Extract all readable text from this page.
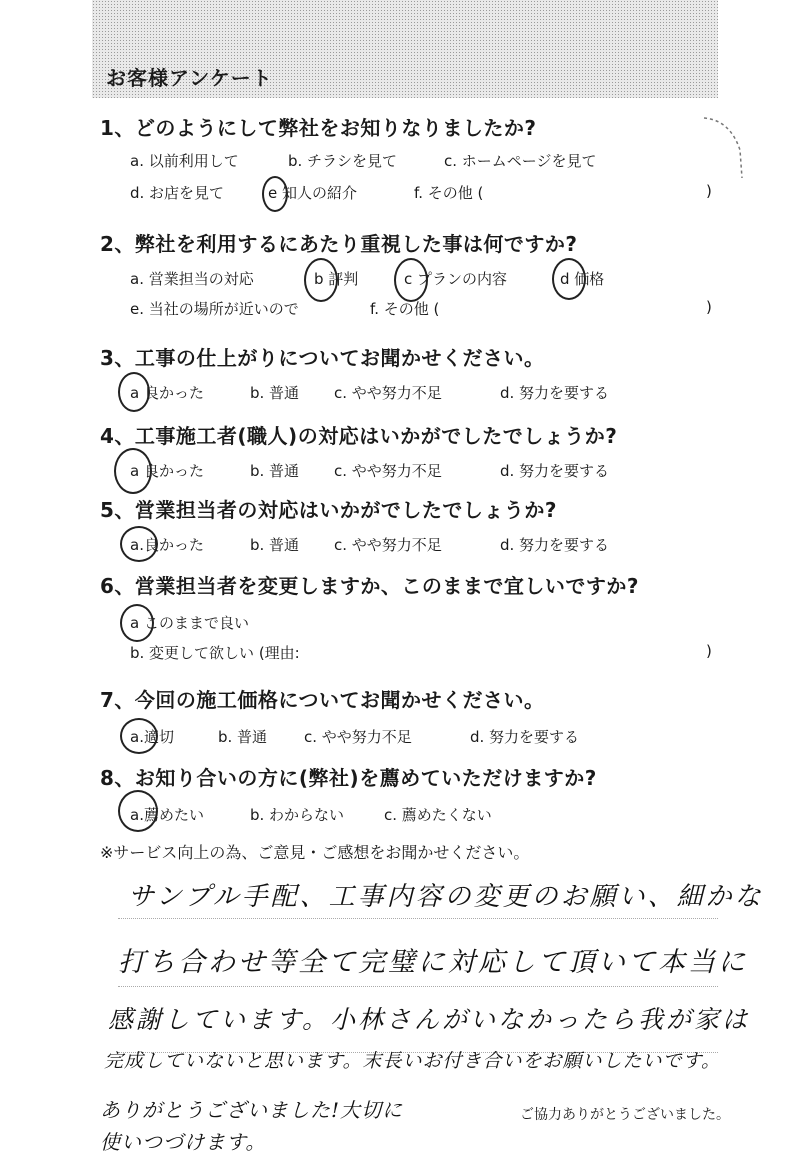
お客様アンケート
1、どのようにして弊社をお知りなりましたか?
a. 以前利用して	b. チラシを見て	c. ホームページを見て
d. お店を見て	e 知人の紹介	f. その他 (	)
2、弊社を利用するにあたり重視した事は何ですか?
a. 営業担当の対応	b 評判	c プランの内容	d 価格
e. 当社の場所が近いので	f. その他 (	)
3、工事の仕上がりについてお聞かせください。
a 良かった	b. 普通 c. やや努力不足	d. 努力を要する
4、工事施工者(職人)の対応はいかがでしたでしょうか?
a 良かった	b. 普通 c. やや努力不足	d. 努力を要する
5、営業担当者の対応はいかがでしたでしょうか?
a.良かった	b. 普通 c. やや努力不足	d. 努力を要する
6、営業担当者を変更しますか、このままで宜しいですか?
a このままで良い
b. 変更して欲しい (理由:	)
7、今回の施工価格についてお聞かせください。
a.適切	b. 普通 c. やや努力不足	d. 努力を要する
8、お知り合いの方に(弊社)を薦めていただけますか?
a.薦めたい	b. わからない	c. 薦めたくない
※サービス向上の為、ご意見・ご感想をお聞かせください。
サンプル手配、工事内容の変更のお願い、細かな
打ち合わせ等全て完璧に対応して頂いて本当に
感謝しています。小林さんがいなかったら我が家は
完成していないと思います。末長いお付き合いをお願いしたいです。
ありがとうございました!大切に
使いつづけます。
ご協力ありがとうございました。
